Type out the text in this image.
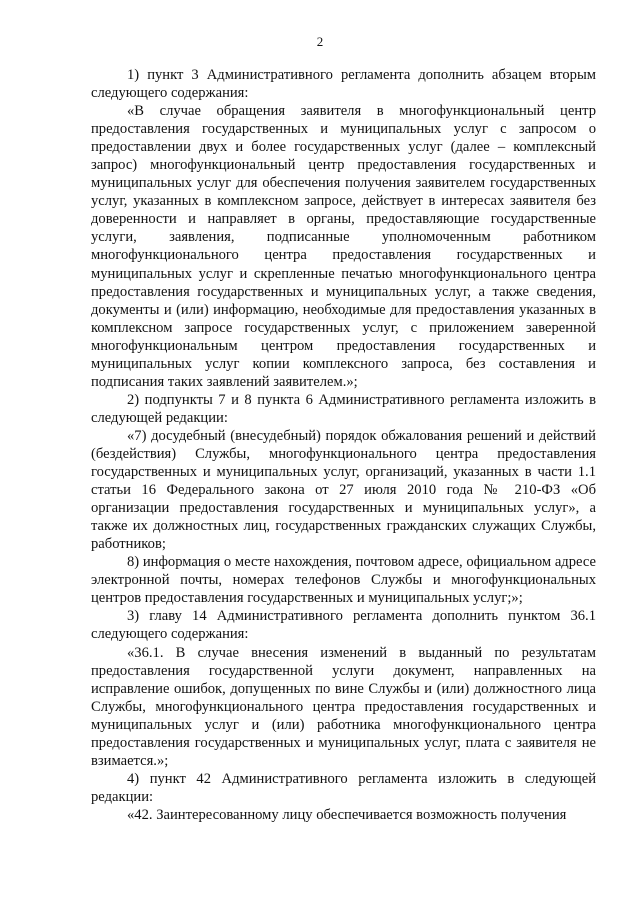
2

1) пункт 3 Административного регламента дополнить абзацем вторым следующего содержания:

«В случае обращения заявителя в многофункциональный центр предоставления государственных и муниципальных услуг с запросом о предоставлении двух и более государственных услуг (далее – комплексный запрос) многофункциональный центр предоставления государственных и муниципальных услуг для обеспечения получения заявителем государственных услуг, указанных в комплексном запросе, действует в интересах заявителя без доверенности и направляет в органы, предоставляющие государственные услуги, заявления, подписанные уполномоченным работником многофункционального центра предоставления государственных и муниципальных услуг и скрепленные печатью многофункционального центра предоставления государственных и муниципальных услуг, а также сведения, документы и (или) информацию, необходимые для предоставления указанных в комплексном запросе государственных услуг, с приложением заверенной многофункциональным центром предоставления государственных и муниципальных услуг копии комплексного запроса, без составления и подписания таких заявлений заявителем.»;

2) подпункты 7 и 8 пункта 6 Административного регламента изложить в следующей редакции:

«7) досудебный (внесудебный) порядок обжалования решений и действий (бездействия) Службы, многофункционального центра предоставления государственных и муниципальных услуг, организаций, указанных в части 1.1 статьи 16 Федерального закона от 27 июля 2010 года № 210-ФЗ «Об организации предоставления государственных и муниципальных услуг», а также их должностных лиц, государственных гражданских служащих Службы, работников;

8) информация о месте нахождения, почтовом адресе, официальном адресе электронной почты, номерах телефонов Службы и многофункциональных центров предоставления государственных и муниципальных услуг;»;

3) главу 14 Административного регламента дополнить пунктом 36.1 следующего содержания:

«36.1. В случае внесения изменений в выданный по результатам предоставления государственной услуги документ, направленных на исправление ошибок, допущенных по вине Службы и (или) должностного лица Службы, многофункционального центра предоставления государственных и муниципальных услуг и (или) работника многофункционального центра предоставления государственных и муниципальных услуг, плата с заявителя не взимается.»;

4) пункт 42 Административного регламента изложить в следующей редакции:

«42. Заинтересованному лицу обеспечивается возможность получения
